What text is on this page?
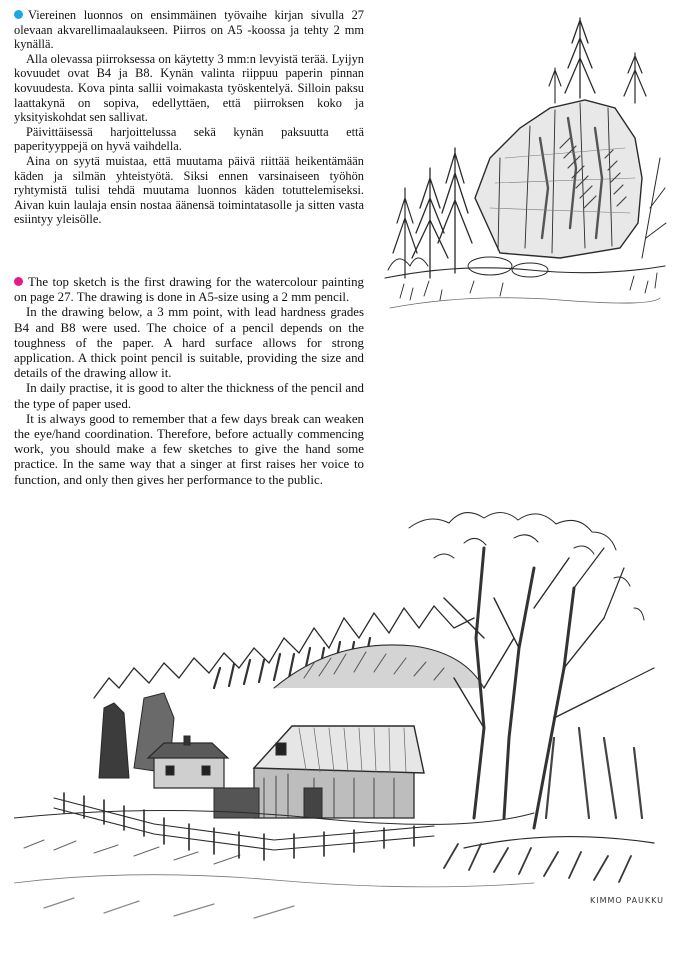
Viereinen luonnos on ensimmäinen työvaihe kirjan sivulla 27 olevaan akvarellimaalaukseen. Piirros on A5 -koossa ja tehty 2 mm kynällä.

Alla olevassa piirroksessa on käytetty 3 mm:n levyistä terää. Lyijyn kovuudet ovat B4 ja B8. Kynän valinta riippuu paperin pinnan kovuudesta. Kova pinta sallii voimakasta työskentelyä. Silloin paksu laattakynä on sopiva, edellyttäen, että piirroksen koko ja yksityiskohdat sen sallivat.

Päivittäisessä harjoittelussa sekä kynän paksuutta että paperityyppejä on hyvä vaihdella.

Aina on syytä muistaa, että muutama päivä riittää heikentämään käden ja silmän yhteistyötä. Siksi ennen varsinaiseen työhön ryhtymistä tulisi tehdä muutama luonnos käden totuttelemiseksi. Aivan kuin laulaja ensin nostaa äänensä toimintatasolle ja sitten vasta esiintyy yleisölle.

The top sketch is the first drawing for the watercolour painting on page 27. The drawing is done in A5-size using a 2 mm pencil.

In the drawing below, a 3 mm point, with lead hardness grades B4 and B8 were used. The choice of a pencil depends on the toughness of the paper. A hard surface allows for strong application. A thick point pencil is suitable, providing the size and details of the drawing allow it.

In daily practise, it is good to alter the thickness of the pencil and the type of paper used.

It is always good to remember that a few days break can weaken the eye/hand coordination. Therefore, before actually commencing work, you should make a few sketches to give the hand some practice. In the same way that a singer at first raises her voice to function, and only then gives her performance to the public.

KIMMO PAUKKU
